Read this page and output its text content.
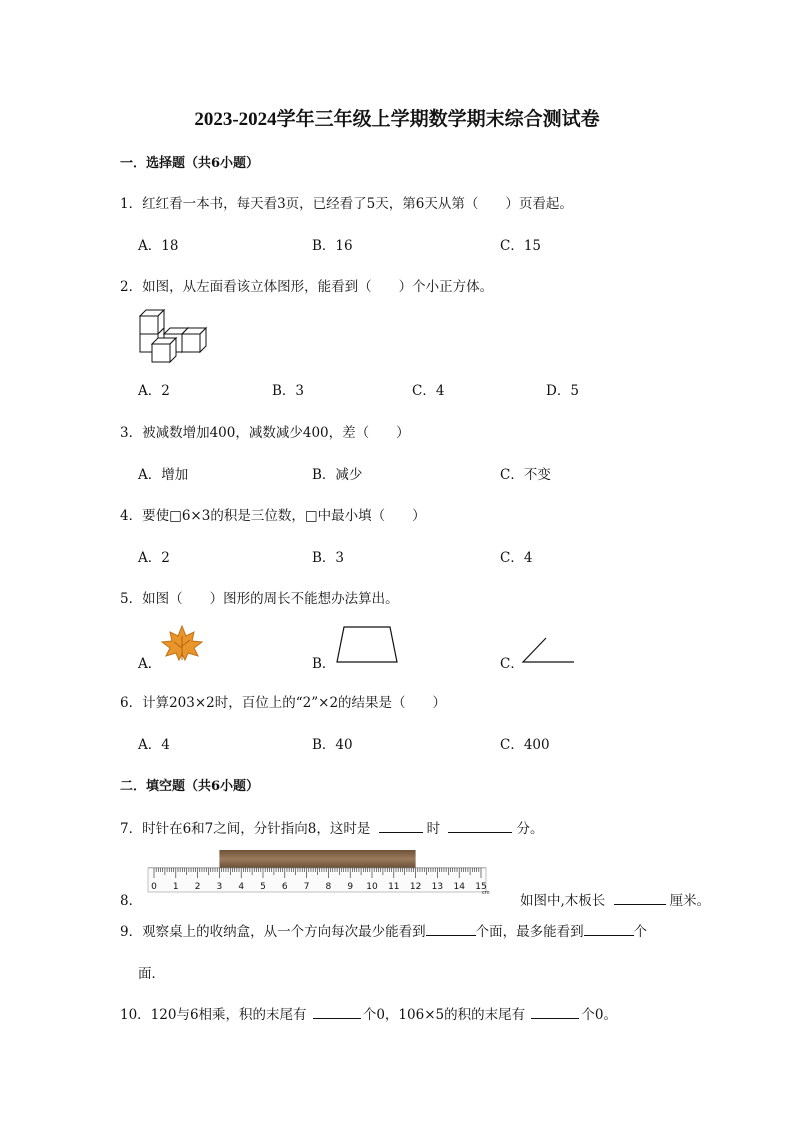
2023-2024学年三年级上学期数学期末综合测试卷
一．选择题（共6小题）
1．红红看一本书，每天看3页，已经看了5天，第6天从第（　　）页看起。
A．18	B．16	C．15
2．如图，从左面看该立体图形，能看到（　　）个小正方体。
A．2	B．3	C．4	D．5
3．被减数增加400，减数减少400，差（　　）
A．增加	B．减少	C．不变
4．要使□6×3的积是三位数，□中最小填（　　）
A．2	B．3	C．4
5．如图（　　）图形的周长不能想办法算出。
A．	B．	C．
6．计算203×2时，百位上的“2”×2的结果是（　　）
A．4	B．40	C．400
二．填空题（共6小题）
7．时针在6和7之间，分针指向8，这时是	时	分。
8．
0 1 2 3 4 5 6 7 8 9 10 11 12 13 14 15
cm 如图中,木板长	厘米。
9．观察桌上的收纳盒，从一个方向每次最少能看到	个面，最多能看到	个
面．
10．120与6相乘，积的末尾有	个0，106×5的积的末尾有	个0。
